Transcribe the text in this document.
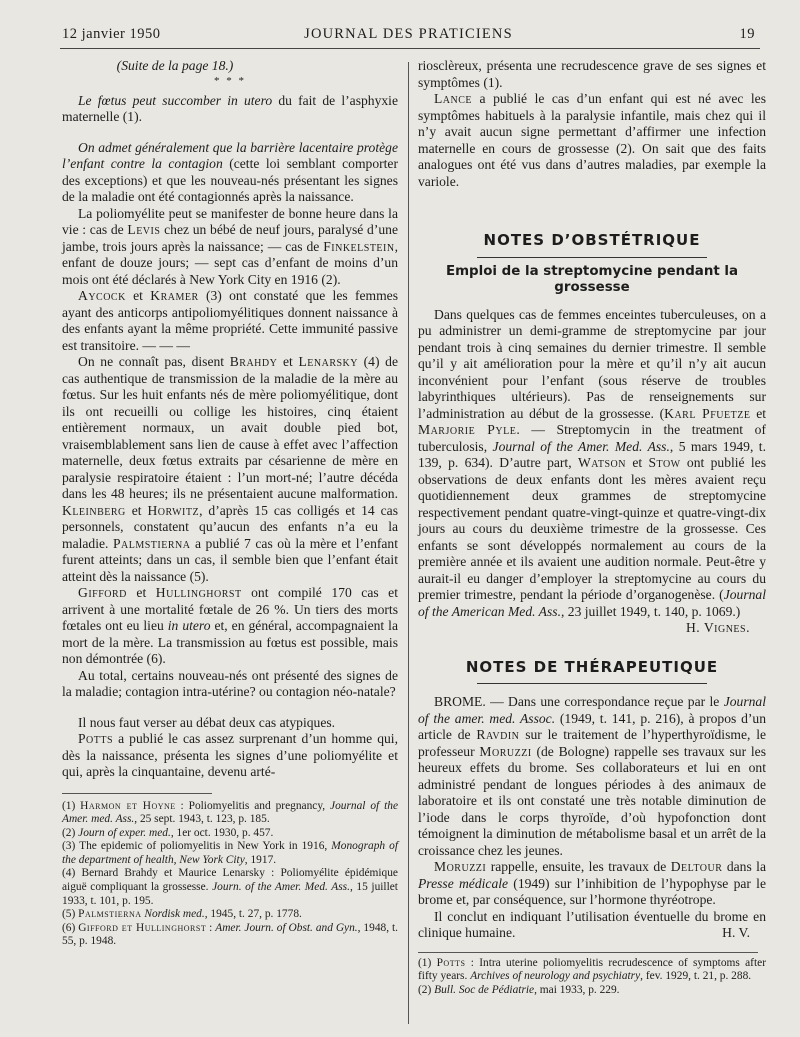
12 janvier 1950	JOURNAL DES PRATICIENS	19

(Suite de la page 18.)

* * *

Le fœtus peut succomber in utero du fait de l’asphyxie maternelle (1).

On admet généralement que la barrière lacentaire protège l’enfant contre la contagion (cette loi semblant comporter des exceptions) et que les nouveau-nés présentant les signes de la maladie ont été contagionnés après la naissance.

La poliomyélite peut se manifester de bonne heure dans la vie : cas de Levis chez un bébé de neuf jours, paralysé d’une jambe, trois jours après la naissance; — cas de Finkelstein, enfant de douze jours; — sept cas d’enfant de moins d’un mois ont été déclarés à New York City en 1916 (2).

Aycock et Kramer (3) ont constaté que les femmes ayant des anticorps antipoliomyélitiques donnent naissance à des enfants ayant la même propriété. Cette immunité passive est transitoire. — — —

On ne connaît pas, disent Brahdy et Lenarsky (4) de cas authentique de transmission de la maladie de la mère au fœtus. Sur les huit enfants nés de mère poliomyélitique, dont ils ont recueilli ou collige les histoires, cinq étaient entièrement normaux, un avait double pied bot, vraisemblablement sans lien de cause à effet avec l’affection maternelle, deux fœtus extraits par césarienne de mère en paralysie respiratoire étaient : l’un mort-né; l’autre décéda dans les 48 heures; ils ne présentaient aucune malformation. Kleinberg et Horwitz, d’après 15 cas colligés et 14 cas personnels, constatent qu’aucun des enfants n’a eu la maladie. Palmstierna a publié 7 cas où la mère et l’enfant furent atteints; dans un cas, il semble bien que l’enfant était atteint dès la naissance (5).

Gifford et Hullinghorst ont compilé 170 cas et arrivent à une mortalité fœtale de 26 %. Un tiers des morts fœtales ont eu lieu in utero et, en général, accompagnaient la mort de la mère. La transmission au fœtus est possible, mais non démontrée (6).

Au total, certains nouveau-nés ont présenté des signes de la maladie; contagion intra-utérine? ou contagion néo-natale?

Il nous faut verser au débat deux cas atypiques.

Potts a publié le cas assez surprenant d’un homme qui, dès la naissance, présenta les signes d’une poliomyélite et qui, après la cinquantaine, devenu arté-

(1) Harmon et Hoyne : Poliomyelitis and pregnancy, Journal of the Amer. med. Ass., 25 sept. 1943, t. 123, p. 185.

(2) Journ of exper. med., 1er oct. 1930, p. 457.

(3) The epidemic of poliomyelitis in New York in 1916, Monograph of the department of health, New York City, 1917.

(4) Bernard Brahdy et Maurice Lenarsky : Poliomyélite épidémique aiguë compliquant la grossesse. Journ. of the Amer. Med. Ass., 15 juillet 1933, t. 101, p. 195.

(5) Palmstierna Nordisk med., 1945, t. 27, p. 1778.

(6) Gifford et Hullinghorst : Amer. Journ. of Obst. and Gyn., 1948, t. 55, p. 1948.

riosclèreux, présenta une recrudescence grave de ses signes et symptômes (1).

Lance a publié le cas d’un enfant qui est né avec les symptômes habituels à la paralysie infantile, mais chez qui il n’y avait aucun signe permettant d’affirmer une infection maternelle en cours de grossesse (2). On sait que des faits analogues ont été vus dans d’autres maladies, par exemple la variole.

NOTES D’OBSTÉTRIQUE
Emploi de la streptomycine pendant la grossesse

Dans quelques cas de femmes enceintes tuberculeuses, on a pu administrer un demi-gramme de streptomycine par jour pendant trois à cinq semaines du dernier trimestre. Il semble qu’il y ait amélioration pour la mère et qu’il n’y ait aucun inconvénient pour l’enfant (sous réserve de troubles labyrinthiques ultérieurs). Pas de renseignements sur l’administration au début de la grossesse. (Karl Pfuetze et Marjorie Pyle. — Streptomycin in the treatment of tuberculosis, Journal of the Amer. Med. Ass., 5 mars 1949, t. 139, p. 634). D’autre part, Watson et Stow ont publié les observations de deux enfants dont les mères avaient reçu quotidiennement deux grammes de streptomycine respectivement pendant quatre-vingt-quinze et quatre-vingt-dix jours au cours du deuxième trimestre de la grossesse. Ces enfants se sont développés normalement au cours de la première année et ils avaient une audition normale. Peut-être y aurait-il eu danger d’employer la streptomycine au cours du premier trimestre, pendant la période d’organogenèse. (Journal of the American Med. Ass., 23 juillet 1949, t. 140, p. 1069.)

H. Vignes.

NOTES DE THÉRAPEUTIQUE

BROME. — Dans une correspondance reçue par le Journal of the amer. med. Assoc. (1949, t. 141, p. 216), à propos d’un article de Ravdin sur le traitement de l’hyperthyroïdisme, le professeur Moruzzi (de Bologne) rappelle ses travaux sur les heureux effets du brome. Ses collaborateurs et lui en ont administré pendant de longues périodes à des animaux de laboratoire et ils ont constaté une très notable diminution de l’iode dans le corps thyroïde, d’où hypofonction dont témoignent la diminution de métabolisme basal et un arrêt de la croissance chez les jeunes.

Moruzzi rappelle, ensuite, les travaux de Deltour dans la Presse médicale (1949) sur l’inhibition de l’hypophyse par le brome et, par conséquence, sur l’hormone thyréotrope.

Il conclut en indiquant l’utilisation éventuelle du brome en clinique humaine.	H. V.

(1) Potts : Intra uterine poliomyelitis recrudescence of symptoms after fifty years. Archives of neurology and psychiatry, fev. 1929, t. 21, p. 288.

(2) Bull. Soc de Pédiatrie, mai 1933, p. 229.
